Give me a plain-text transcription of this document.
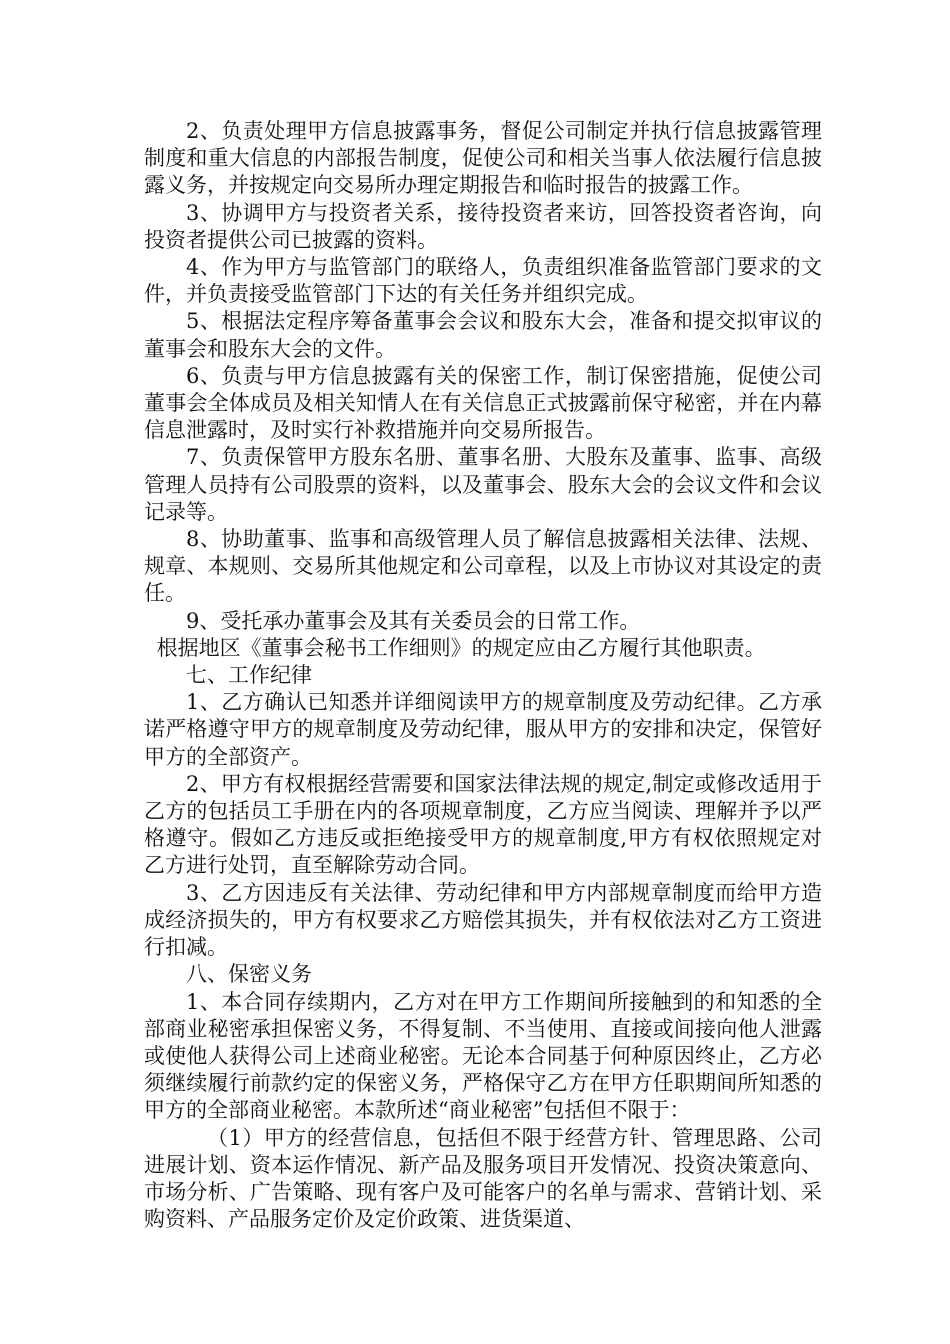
2、负责处理甲方信息披露事务，督促公司制定并执行信息披露管理制度和重大信息的内部报告制度，促使公司和相关当事人依法履行信息披露义务，并按规定向交易所办理定期报告和临时报告的披露工作。

3、协调甲方与投资者关系，接待投资者来访，回答投资者咨询，向投资者提供公司已披露的资料。

4、作为甲方与监管部门的联络人，负责组织准备监管部门要求的文件，并负责接受监管部门下达的有关任务并组织完成。

5、根据法定程序筹备董事会会议和股东大会，准备和提交拟审议的董事会和股东大会的文件。

6、负责与甲方信息披露有关的保密工作，制订保密措施，促使公司董事会全体成员及相关知情人在有关信息正式披露前保守秘密，并在内幕信息泄露时，及时实行补救措施并向交易所报告。

7、负责保管甲方股东名册、董事名册、大股东及董事、监事、高级管理人员持有公司股票的资料，以及董事会、股东大会的会议文件和会议记录等。

8、协助董事、监事和高级管理人员了解信息披露相关法律、法规、规章、本规则、交易所其他规定和公司章程，以及上市协议对其设定的责任。

9、受托承办董事会及其有关委员会的日常工作。

根据地区《董事会秘书工作细则》的规定应由乙方履行其他职责。

七、工作纪律

1、乙方确认已知悉并详细阅读甲方的规章制度及劳动纪律。乙方承诺严格遵守甲方的规章制度及劳动纪律，服从甲方的安排和决定，保管好甲方的全部资产。

2、甲方有权根据经营需要和国家法律法规的规定,制定或修改适用于乙方的包括员工手册在内的各项规章制度，乙方应当阅读、理解并予以严格遵守。假如乙方违反或拒绝接受甲方的规章制度,甲方有权依照规定对乙方进行处罚，直至解除劳动合同。

3、乙方因违反有关法律、劳动纪律和甲方内部规章制度而给甲方造成经济损失的，甲方有权要求乙方赔偿其损失，并有权依法对乙方工资进行扣减。

八、保密义务

1、本合同存续期内，乙方对在甲方工作期间所接触到的和知悉的全部商业秘密承担保密义务，不得复制、不当使用、直接或间接向他人泄露或使他人获得公司上述商业秘密。无论本合同基于何种原因终止，乙方必须继续履行前款约定的保密义务，严格保守乙方在甲方任职期间所知悉的甲方的全部商业秘密。本款所述“商业秘密”包括但不限于：

（1）甲方的经营信息，包括但不限于经营方针、管理思路、公司进展计划、资本运作情况、新产品及服务项目开发情况、投资决策意向、市场分析、广告策略、现有客户及可能客户的名单与需求、营销计划、采购资料、产品服务定价及定价政策、进货渠道、
